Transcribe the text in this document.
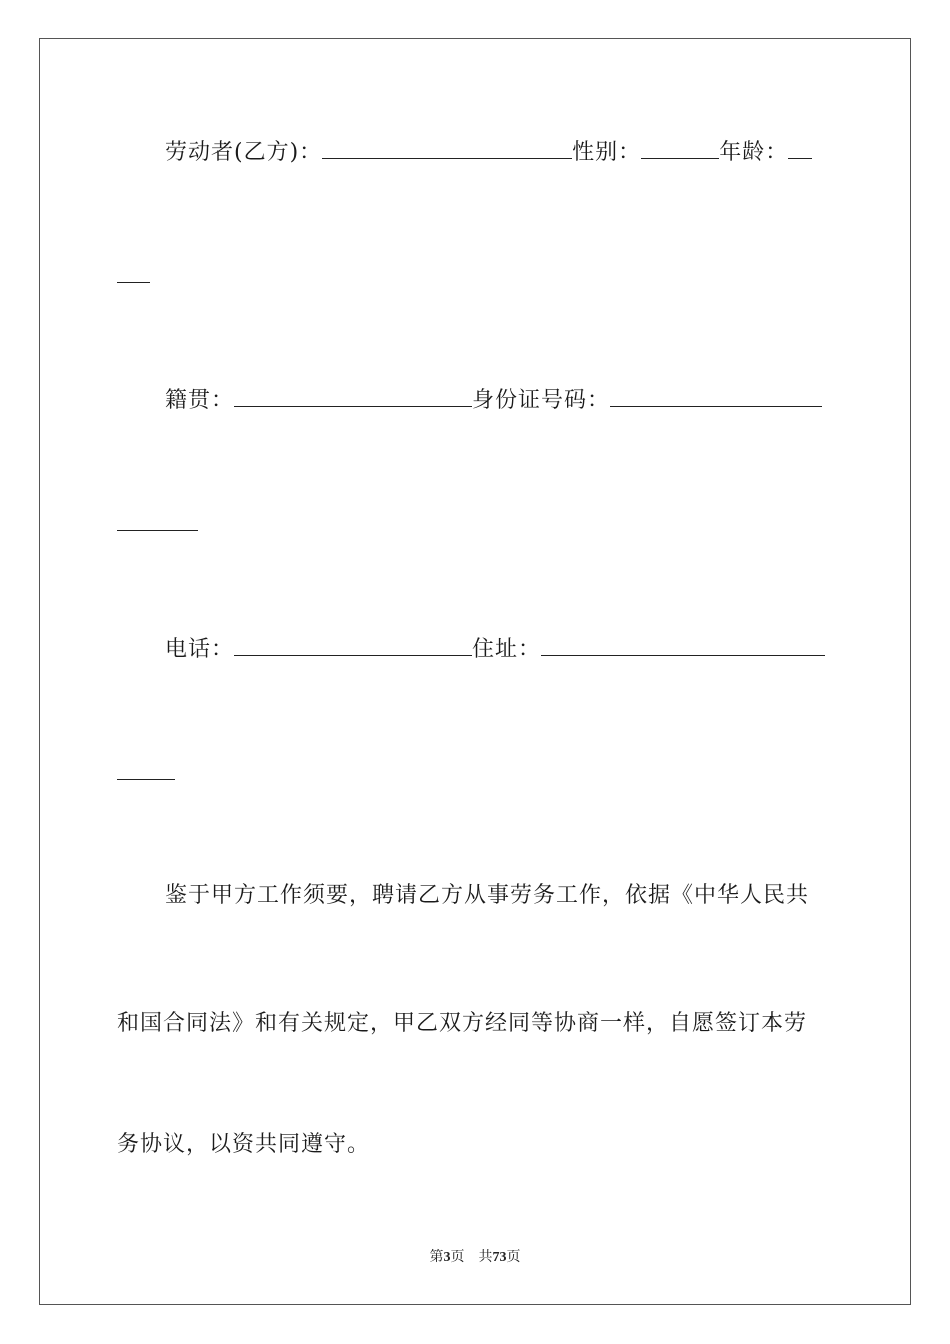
劳动者(乙方)：	性别：	年龄：
籍贯：	身份证号码：
电话：	住址：
鉴于甲方工作须要，聘请乙方从事劳务工作，依据《中华人民共
和国合同法》和有关规定，甲乙双方经同等协商一样，自愿签订本劳
务协议，以资共同遵守。
第3页 共73页
